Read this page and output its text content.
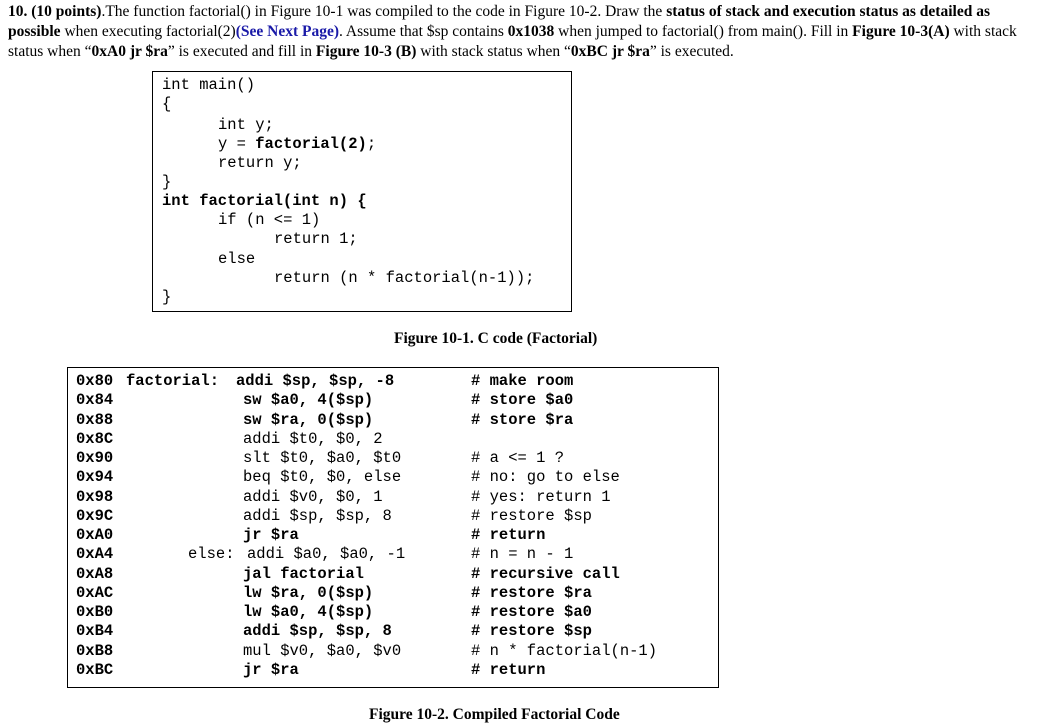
10. (10 points).The function factorial() in Figure 10-1 was compiled to the code in Figure 10-2. Draw the status of stack and execution status as detailed as possible when executing factorial(2)(See Next Page). Assume that $sp contains 0x1038 when jumped to factorial() from main(). Fill in Figure 10-3(A) with stack status when “0xA0 jr $ra” is executed and fill in Figure 10-3 (B) with stack status when “0xBC jr $ra” is executed.
int main()
{
int y;
y = factorial(2);
return y;
}
int factorial(int n) {
if (n <= 1)
return 1;
else
return (n * factorial(n-1));
}
Figure 10-1. C code (Factorial)
0x80 factorial: addi $sp, $sp, -8	# make room
0x84	sw $a0, 4($sp)	# store $a0
0x88	sw $ra, 0($sp)	# store $ra
0x8C	addi $t0, $0, 2
0x90	slt $t0, $a0, $t0	# a <= 1 ?
0x94	beq $t0, $0, else	# no: go to else
0x98	addi $v0, $0, 1	# yes: return 1
0x9C	addi $sp, $sp, 8	# restore $sp
0xA0	jr $ra	# return
0xA4	else: addi $a0, $a0, -1	# n = n - 1
0xA8	jal factorial	# recursive call
0xAC	lw $ra, 0($sp)	# restore $ra
0xB0	lw $a0, 4($sp)	# restore $a0
0xB4	addi $sp, $sp, 8	# restore $sp
0xB8	mul $v0, $a0, $v0	# n * factorial(n-1)
0xBC	jr $ra	# return
Figure 10-2. Compiled Factorial Code
